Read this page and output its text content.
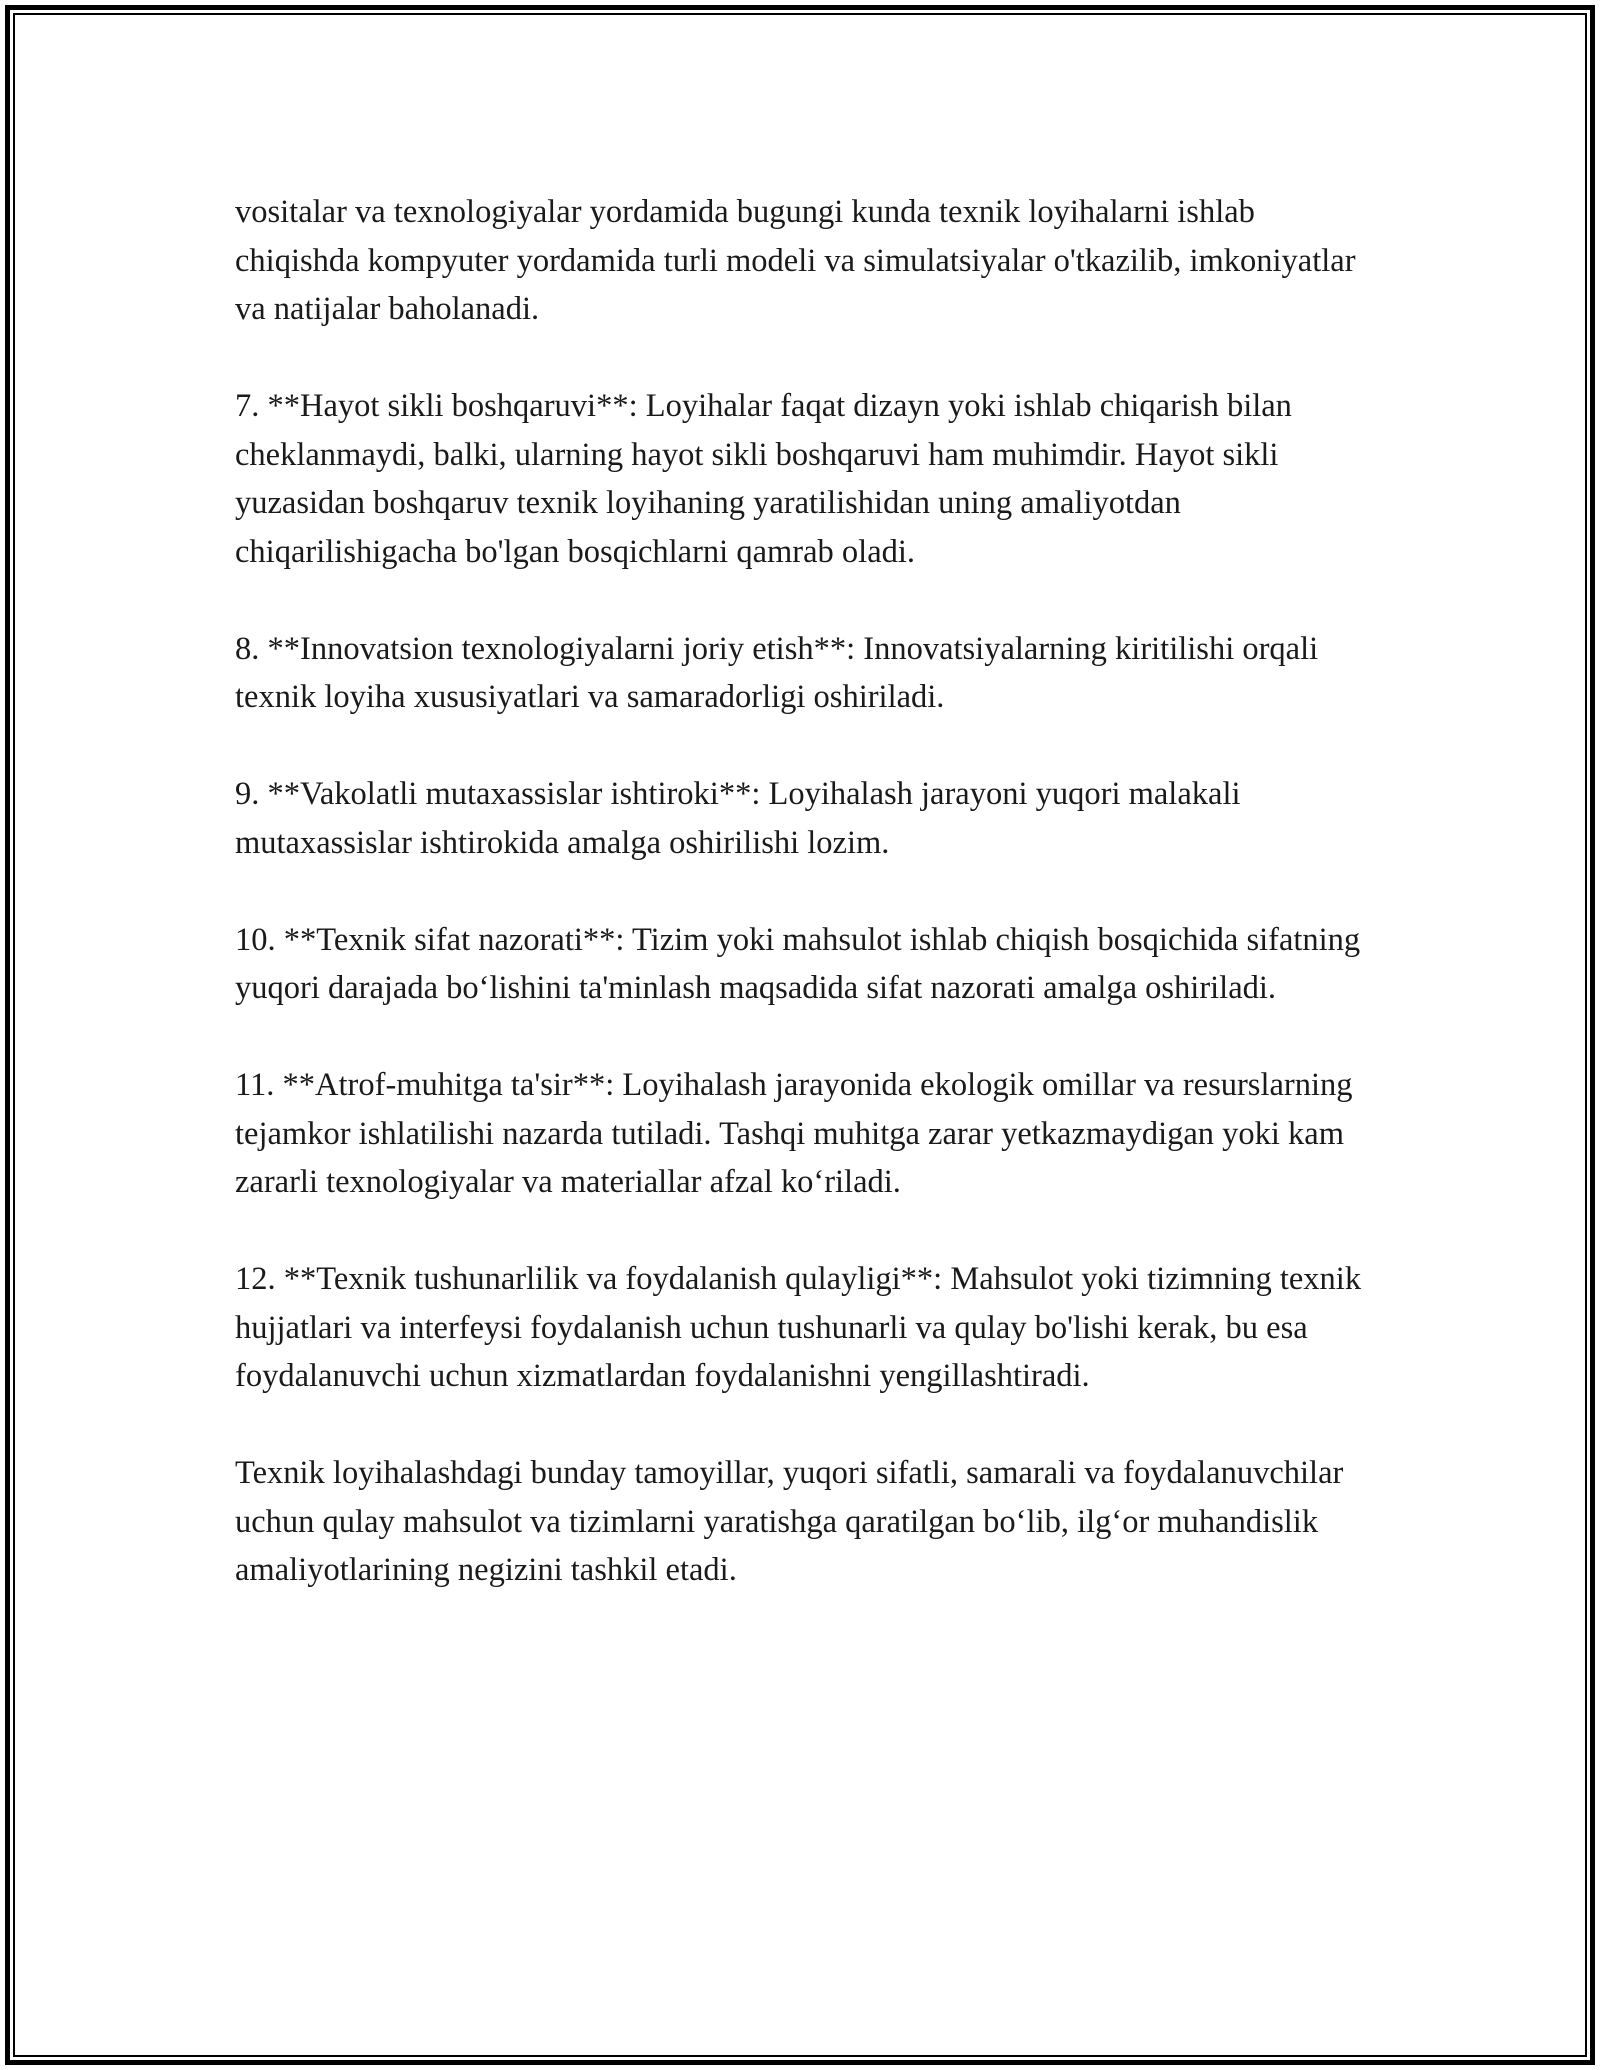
vositalar va texnologiyalar yordamida bugungi kunda texnik loyihalarni ishlab chiqishda kompyuter yordamida turli modeli va simulatsiyalar o'tkazilib, imkoniyatlar va natijalar baholanadi.

7. **Hayot sikli boshqaruvi**: Loyihalar faqat dizayn yoki ishlab chiqarish bilan cheklanmaydi, balki, ularning hayot sikli boshqaruvi ham muhimdir. Hayot sikli yuzasidan boshqaruv texnik loyihaning yaratilishidan uning amaliyotdan chiqarilishigacha bo'lgan bosqichlarni qamrab oladi.

8. **Innovatsion texnologiyalarni joriy etish**: Innovatsiyalarning kiritilishi orqali texnik loyiha xususiyatlari va samaradorligi oshiriladi.

9. **Vakolatli mutaxassislar ishtiroki**: Loyihalash jarayoni yuqori malakali mutaxassislar ishtirokida amalga oshirilishi lozim.

10. **Texnik sifat nazorati**: Tizim yoki mahsulot ishlab chiqish bosqichida sifatning yuqori darajada bo‘lishini ta'minlash maqsadida sifat nazorati amalga oshiriladi.

11. **Atrof-muhitga ta'sir**: Loyihalash jarayonida ekologik omillar va resurslarning tejamkor ishlatilishi nazarda tutiladi. Tashqi muhitga zarar yetkazmaydigan yoki kam zararli texnologiyalar va materiallar afzal ko‘riladi.

12. **Texnik tushunarlilik va foydalanish qulayligi**: Mahsulot yoki tizimning texnik hujjatlari va interfeysi foydalanish uchun tushunarli va qulay bo'lishi kerak, bu esa foydalanuvchi uchun xizmatlardan foydalanishni yengillashtiradi.

Texnik loyihalashdagi bunday tamoyillar, yuqori sifatli, samarali va foydalanuvchilar uchun qulay mahsulot va tizimlarni yaratishga qaratilgan bo‘lib, ilg‘or muhandislik amaliyotlarining negizini tashkil etadi.
